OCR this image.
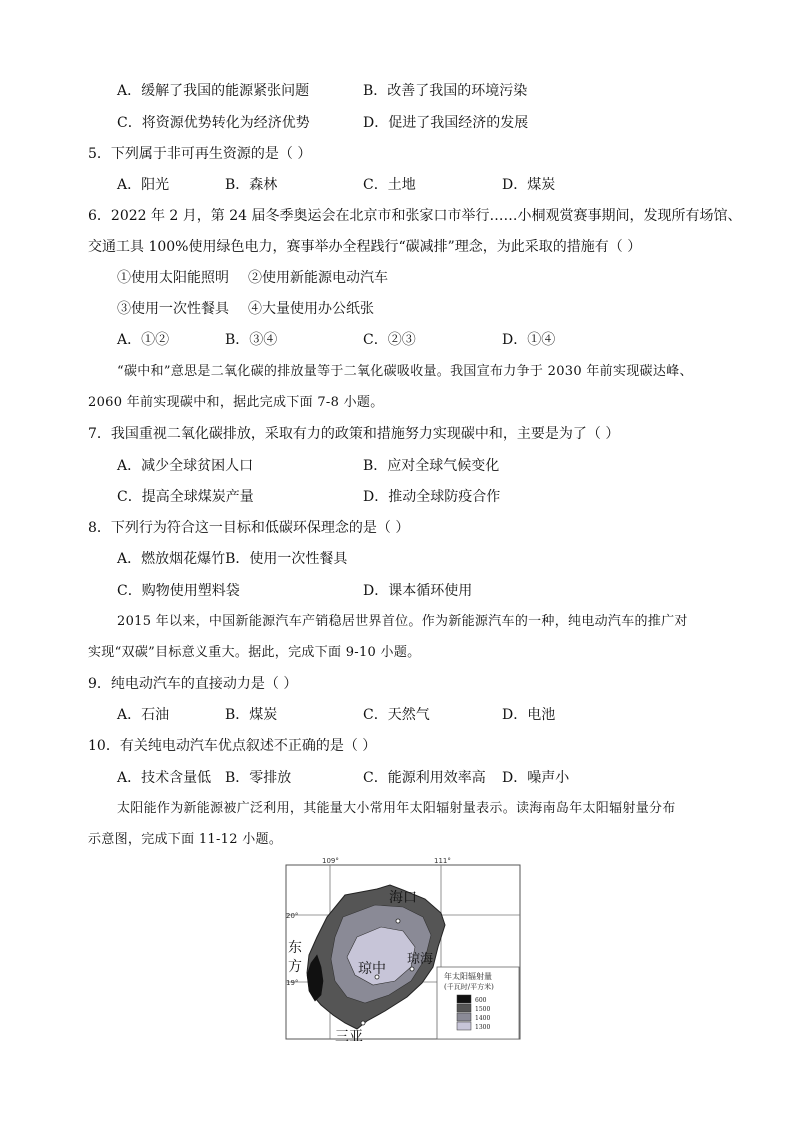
A．缓解了我国的能源紧张问题	B．改善了我国的环境污染
C．将资源优势转化为经济优势	D．促进了我国经济的发展
5．下列属于非可再生资源的是（ ）
A．阳光	B．森林	C．土地	D．煤炭
6．2022 年 2 月，第 24 届冬季奥运会在北京市和张家口市举行……小桐观赏赛事期间，发现所有场馆、
交通工具 100%使用绿色电力，赛事举办全程践行“碳减排”理念，为此采取的措施有（ ）
①使用太阳能照明 ②使用新能源电动汽车
③使用一次性餐具 ④大量使用办公纸张
A．①②	B．③④	C．②③	D．①④
“碳中和”意思是二氧化碳的排放量等于二氧化碳吸收量。我国宣布力争于 2030 年前实现碳达峰、
2060 年前实现碳中和，据此完成下面 7-8 小题。
7．我国重视二氧化碳排放，采取有力的政策和措施努力实现碳中和，主要是为了（ ）
A．减少全球贫困人口	B．应对全球气候变化
C．提高全球煤炭产量	D．推动全球防疫合作
8．下列行为符合这一目标和低碳环保理念的是（ ）
A．燃放烟花爆竹B．使用一次性餐具
C．购物使用塑料袋	D．课本循环使用
2015 年以来，中国新能源汽车产销稳居世界首位。作为新能源汽车的一种，纯电动汽车的推广对
实现“双碳”目标意义重大。据此，完成下面 9-10 小题。
9．纯电动汽车的直接动力是（ ）
A．石油	B．煤炭	C．天然气	D．电池
10．有关纯电动汽车优点叙述不正确的是（ ）
A．技术含量低 B．零排放	C．能源利用效率高 D．噪声小
太阳能作为新能源被广泛利用，其能量大小常用年太阳辐射量表示。读海南岛年太阳辐射量分布
示意图，完成下面 11-12 小题。
109°	111°
20°
19°
海口
东
方	琼中
琼海
三亚
年太阳辐射量
(千瓦时/平方米)
600
1500
1400
1300
